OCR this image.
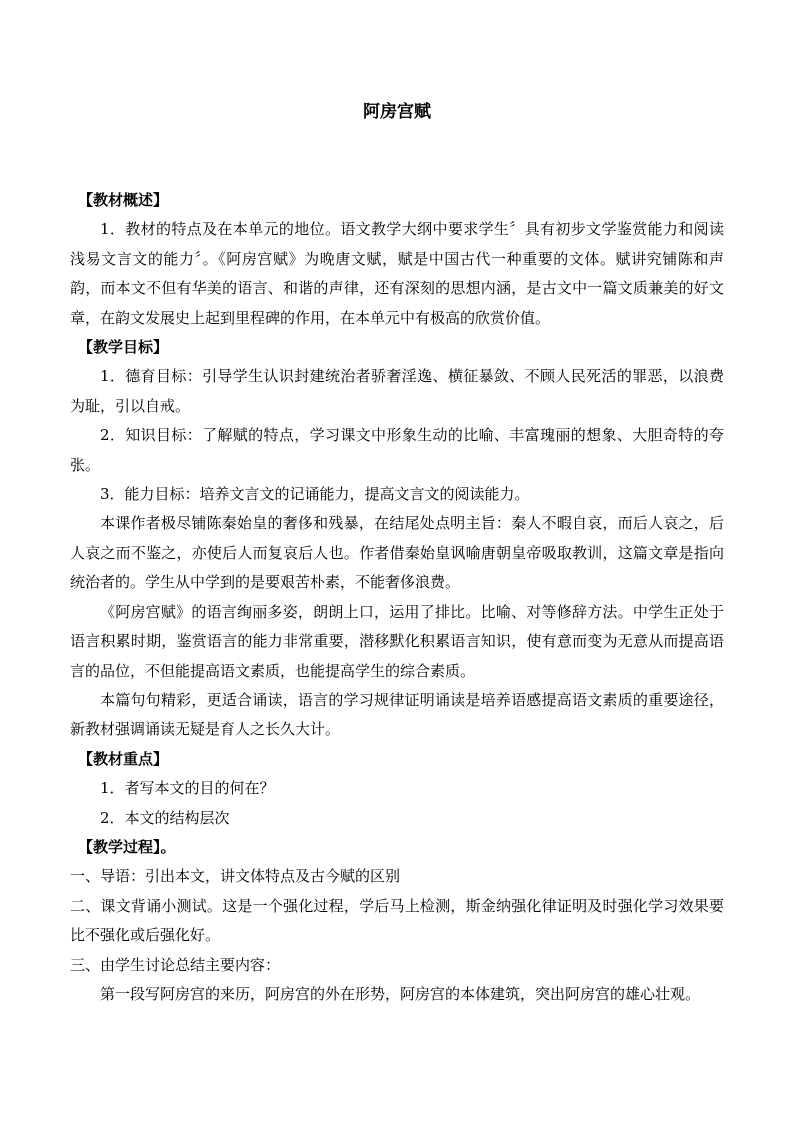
阿房宫赋

【教材概述】

1．教材的特点及在本单元的地位。语文教学大纲中要求学生〞具有初步文学鉴赏能力和阅读浅易文言文的能力〞。《阿房宫赋》为晚唐文赋，赋是中国古代一种重要的文体。赋讲究铺陈和声韵，而本文不但有华美的语言、和谐的声律，还有深刻的思想内涵，是古文中一篇文质兼美的好文章，在韵文发展史上起到里程碑的作用，在本单元中有极高的欣赏价值。

【教学目标】

1．德育目标：引导学生认识封建统治者骄奢淫逸、横征暴敛、不顾人民死活的罪恶，以浪费为耻，引以自戒。

2．知识目标：了解赋的特点，学习课文中形象生动的比喻、丰富瑰丽的想象、大胆奇特的夸张。

3．能力目标：培养文言文的记诵能力，提高文言文的阅读能力。

本课作者极尽铺陈秦始皇的奢侈和残暴，在结尾处点明主旨：秦人不暇自哀，而后人哀之，后人哀之而不鉴之，亦使后人而复哀后人也。作者借秦始皇讽喻唐朝皇帝吸取教训，这篇文章是指向统治者的。学生从中学到的是要艰苦朴素，不能奢侈浪费。

《阿房宫赋》的语言绚丽多姿，朗朗上口，运用了排比。比喻、对等修辞方法。中学生正处于语言积累时期，鉴赏语言的能力非常重要，潜移默化积累语言知识，使有意而变为无意从而提高语言的品位，不但能提高语文素质，也能提高学生的综合素质。

本篇句句精彩，更适合诵读，语言的学习规律证明诵读是培养语感提高语文素质的重要途径，新教材强调诵读无疑是育人之长久大计。

【教材重点】

1．者写本文的目的何在？

2．本文的结构层次

【教学过程】。

一、导语：引出本文，讲文体特点及古今赋的区别

二、课文背诵小测试。这是一个强化过程，学后马上检测，斯金纳强化律证明及时强化学习效果要比不强化或后强化好。

三、由学生讨论总结主要内容：

第一段写阿房宫的来历，阿房宫的外在形势，阿房宫的本体建筑，突出阿房宫的雄心壮观。
